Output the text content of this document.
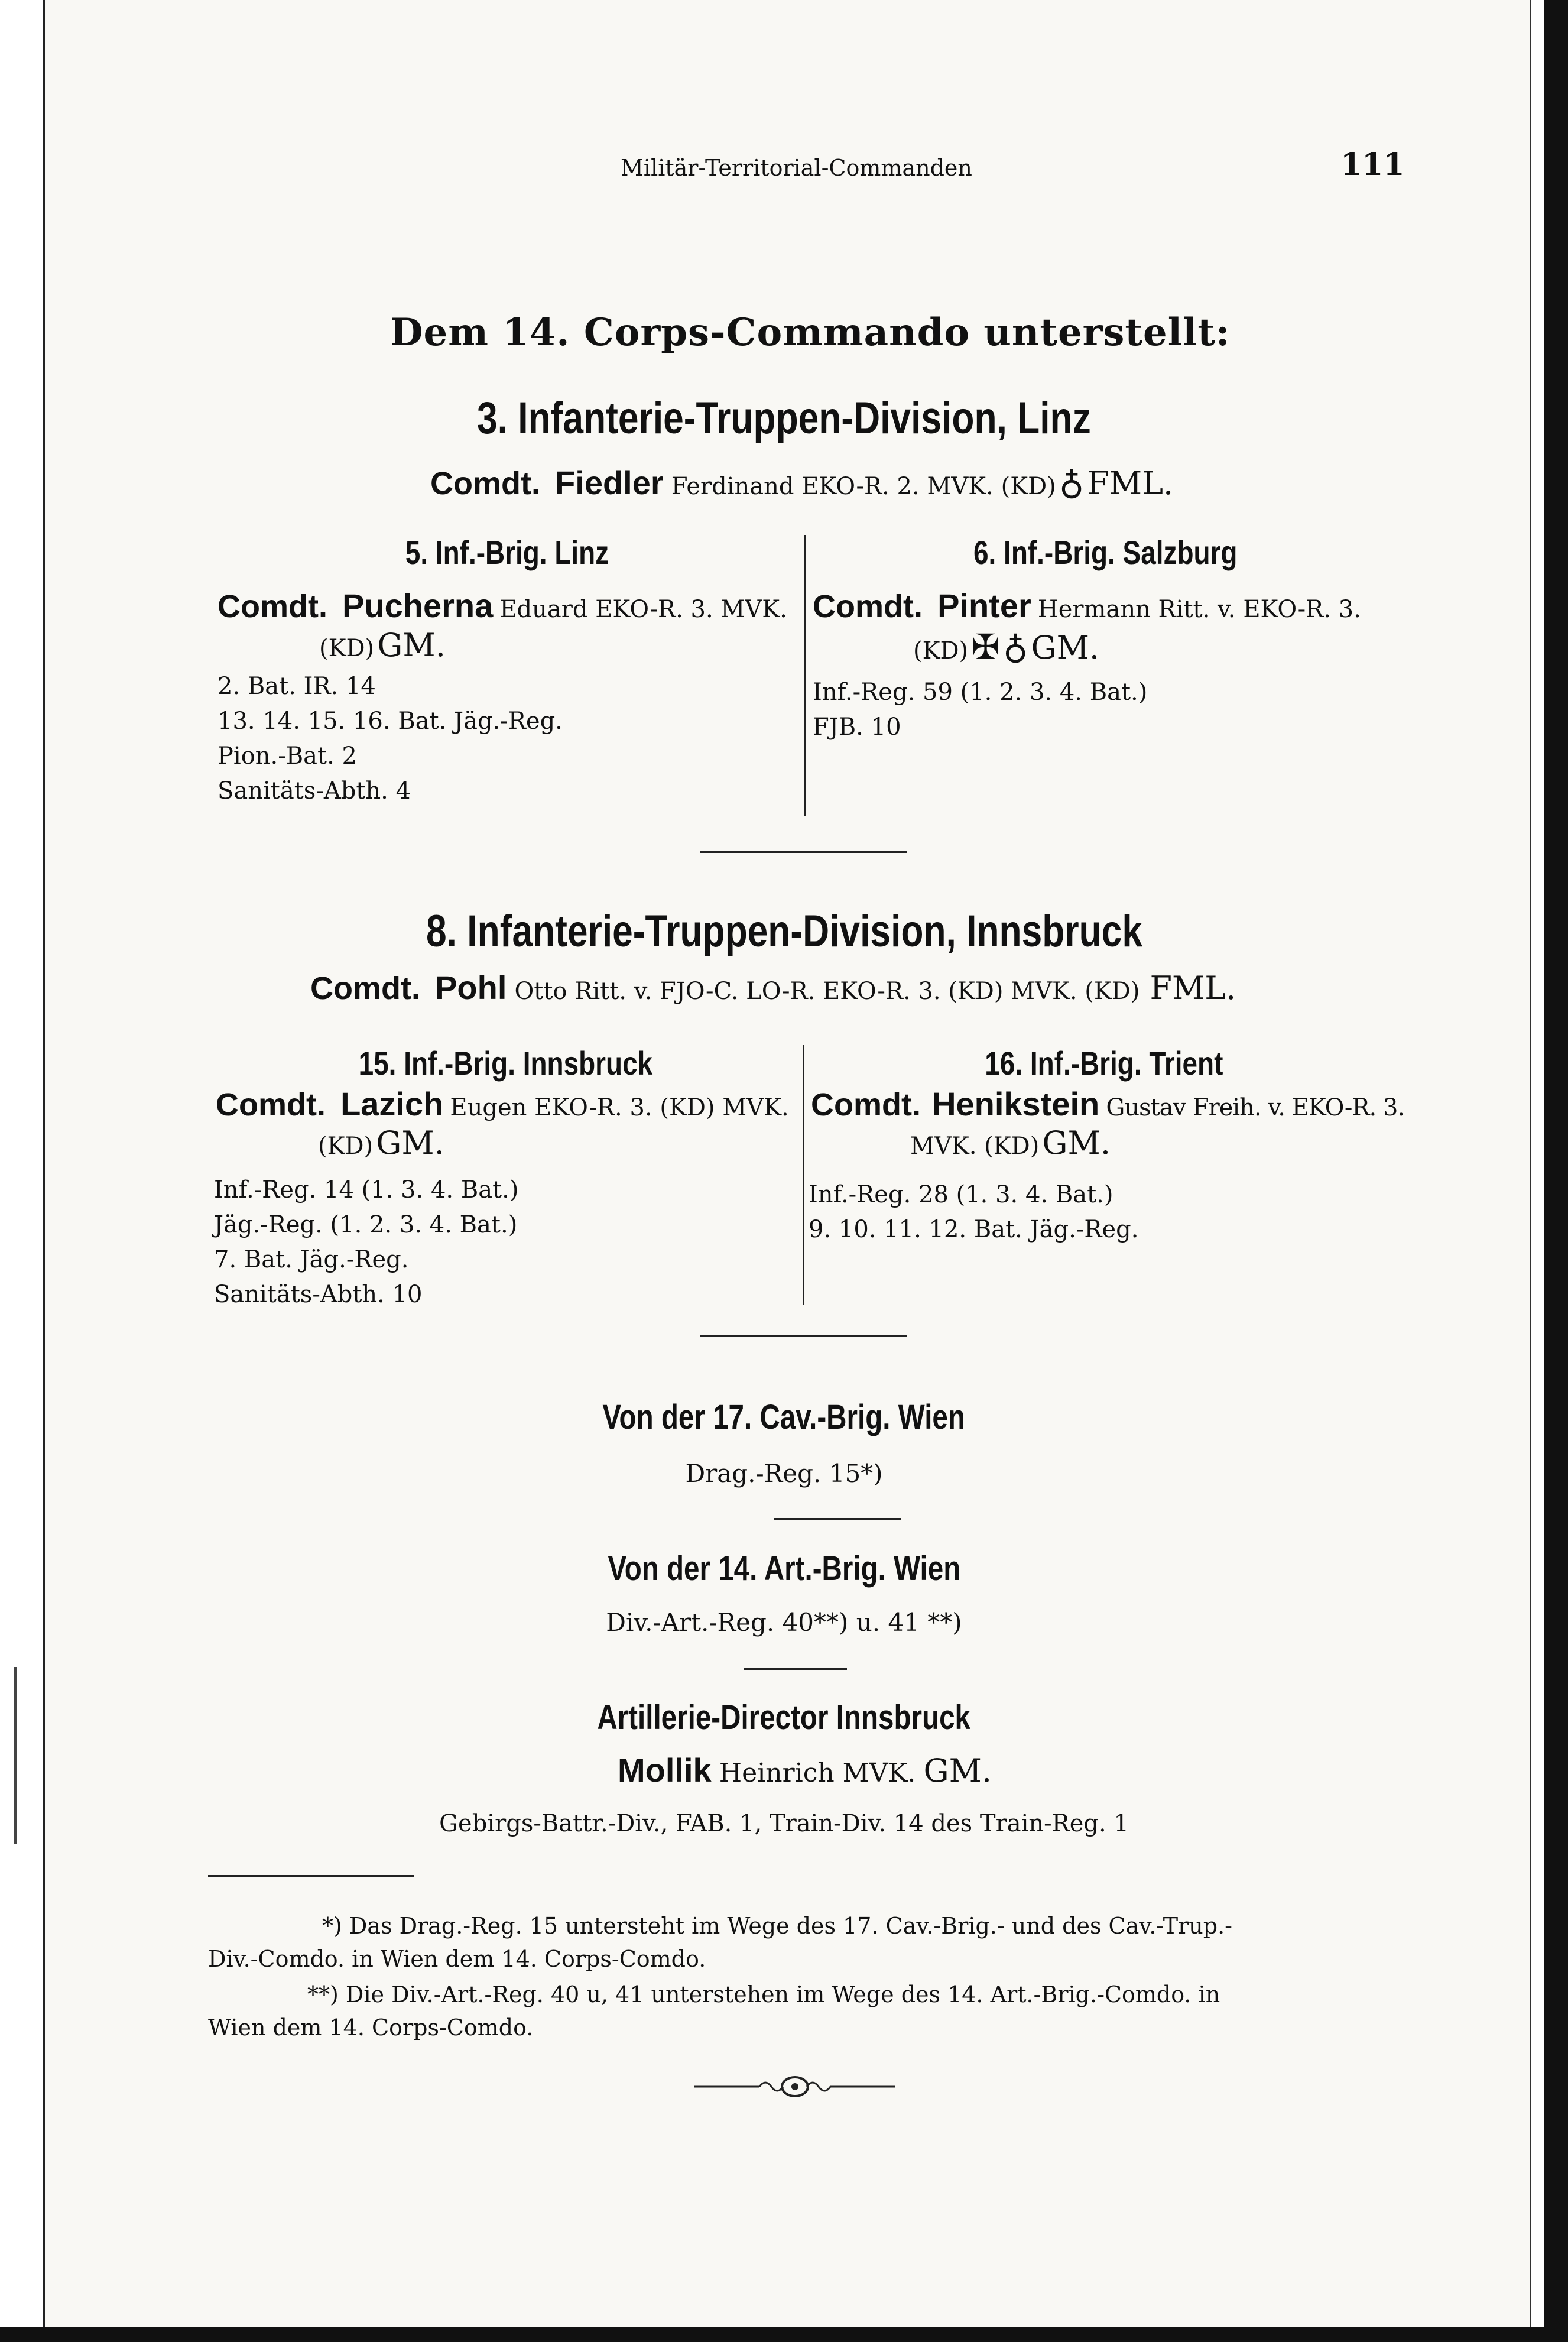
Militär-Territorial-Commanden	111
Dem 14. Corps-Commando unterstellt:
3. Infanterie-Truppen-Division, Linz
Comdt. Fiedler Ferdinand EKO-R. 2. MVK. (KD) ♁ FML.
5. Inf.-Brig. Linz
Comdt. Pucherna Eduard EKO-R. 3. MVK.
(KD) GM.
2. Bat. IR. 14
13. 14. 15. 16. Bat. Jäg.-Reg.
Pion.-Bat. 2
Sanitäts-Abth. 4
6. Inf.-Brig. Salzburg
Comdt. Pinter Hermann Ritt. v. EKO-R. 3.
(KD) ✠ ♁ GM.
Inf.-Reg. 59 (1. 2. 3. 4. Bat.)
FJB. 10
8. Infanterie-Truppen-Division, Innsbruck
Comdt. Pohl Otto Ritt. v. FJO-C. LO-R. EKO-R. 3. (KD) MVK. (KD) FML.
15. Inf.-Brig. Innsbruck
Comdt. Lazich Eugen EKO-R. 3. (KD) MVK.
(KD) GM.
Inf.-Reg. 14 (1. 3. 4. Bat.)
Jäg.-Reg. (1. 2. 3. 4. Bat.)
7. Bat. Jäg.-Reg.
Sanitäts-Abth. 10
16. Inf.-Brig. Trient
Comdt. Henikstein Gustav Freih. v. EKO-R. 3.
MVK. (KD) GM.
Inf.-Reg. 28 (1. 3. 4. Bat.)
9. 10. 11. 12. Bat. Jäg.-Reg.
Von der 17. Cav.-Brig. Wien
Drag.-Reg. 15*)
Von der 14. Art.-Brig. Wien
Div.-Art.-Reg. 40**) u. 41 **)
Artillerie-Director Innsbruck
Mollik Heinrich MVK. GM.
Gebirgs-Battr.-Div., FAB. 1, Train-Div. 14 des Train-Reg. 1
*) Das Drag.-Reg. 15 untersteht im Wege des 17. Cav.-Brig.- und des Cav.-Trup.-
Div.-Comdo. in Wien dem 14. Corps-Comdo.
**) Die Div.-Art.-Reg. 40 u, 41 unterstehen im Wege des 14. Art.-Brig.-Comdo. in
Wien dem 14. Corps-Comdo.
